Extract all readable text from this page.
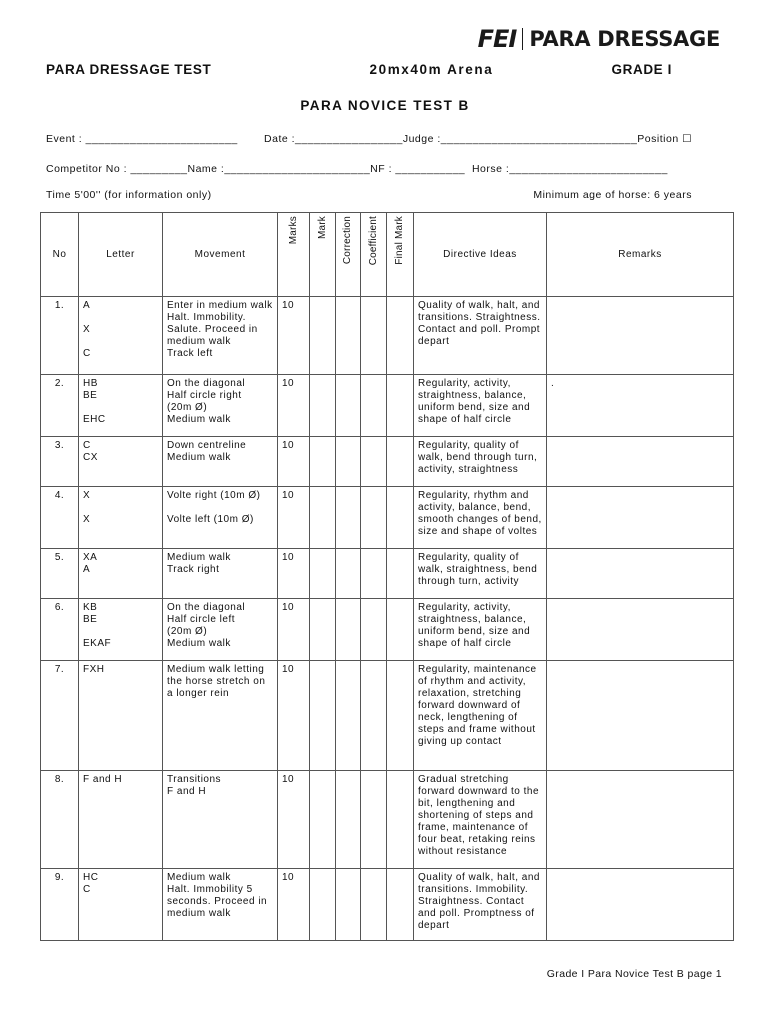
FEI PARA DRESSAGE
PARA DRESSAGE TEST	20mx40m Arena	GRADE I
PARA NOVICE TEST B
Event : ________________________	Date :_________________Judge :_______________________________Position ☐
Competitor No : _________Name :_______________________NF : ___________  Horse :_________________________
Time 5'00'' (for information only)	Minimum age of horse: 6 years
No	Letter	Movement	Marks	Mark	Correction	Coefficient	Final Mark	Directive Ideas	Remarks
1.	A
X
C	Enter in medium walk
Halt. Immobility.
Salute. Proceed in medium walk
Track left	10					Quality of walk, halt, and transitions. Straightness. Contact and poll. Prompt depart	
2.	HB
BE
EHC	On the diagonal
Half circle right
(20m Ø)
Medium walk	10					Regularity, activity, straightness, balance, uniform bend, size and shape of half circle	.
3.	C
CX	Down centreline
Medium walk	10					Regularity, quality of walk, bend through turn, activity, straightness	
4.	X
X	Volte right (10m Ø)
Volte left (10m Ø)	10					Regularity, rhythm and activity, balance, bend, smooth changes of bend, size and shape of voltes	
5.	XA
A	Medium walk
Track right	10					Regularity, quality of walk, straightness, bend through turn, activity	
6.	KB
BE
EKAF	On the diagonal
Half circle left
(20m Ø)
Medium walk	10					Regularity, activity, straightness, balance, uniform bend, size and shape of half circle	
7.	FXH	Medium walk letting the horse stretch on a longer rein	10					Regularity, maintenance of rhythm and activity, relaxation, stretching forward downward of neck, lengthening of steps and frame without giving up contact	
8.	F and H	Transitions
F and H	10					Gradual stretching forward downward to the bit, lengthening and shortening of steps and frame, maintenance of four beat, retaking reins without resistance	
9.	HC
C	Medium walk
Halt. Immobility 5 seconds. Proceed in medium walk	10					Quality of walk, halt, and transitions. Immobility. Straightness. Contact and poll. Promptness of depart	
Grade I Para Novice Test B page 1
